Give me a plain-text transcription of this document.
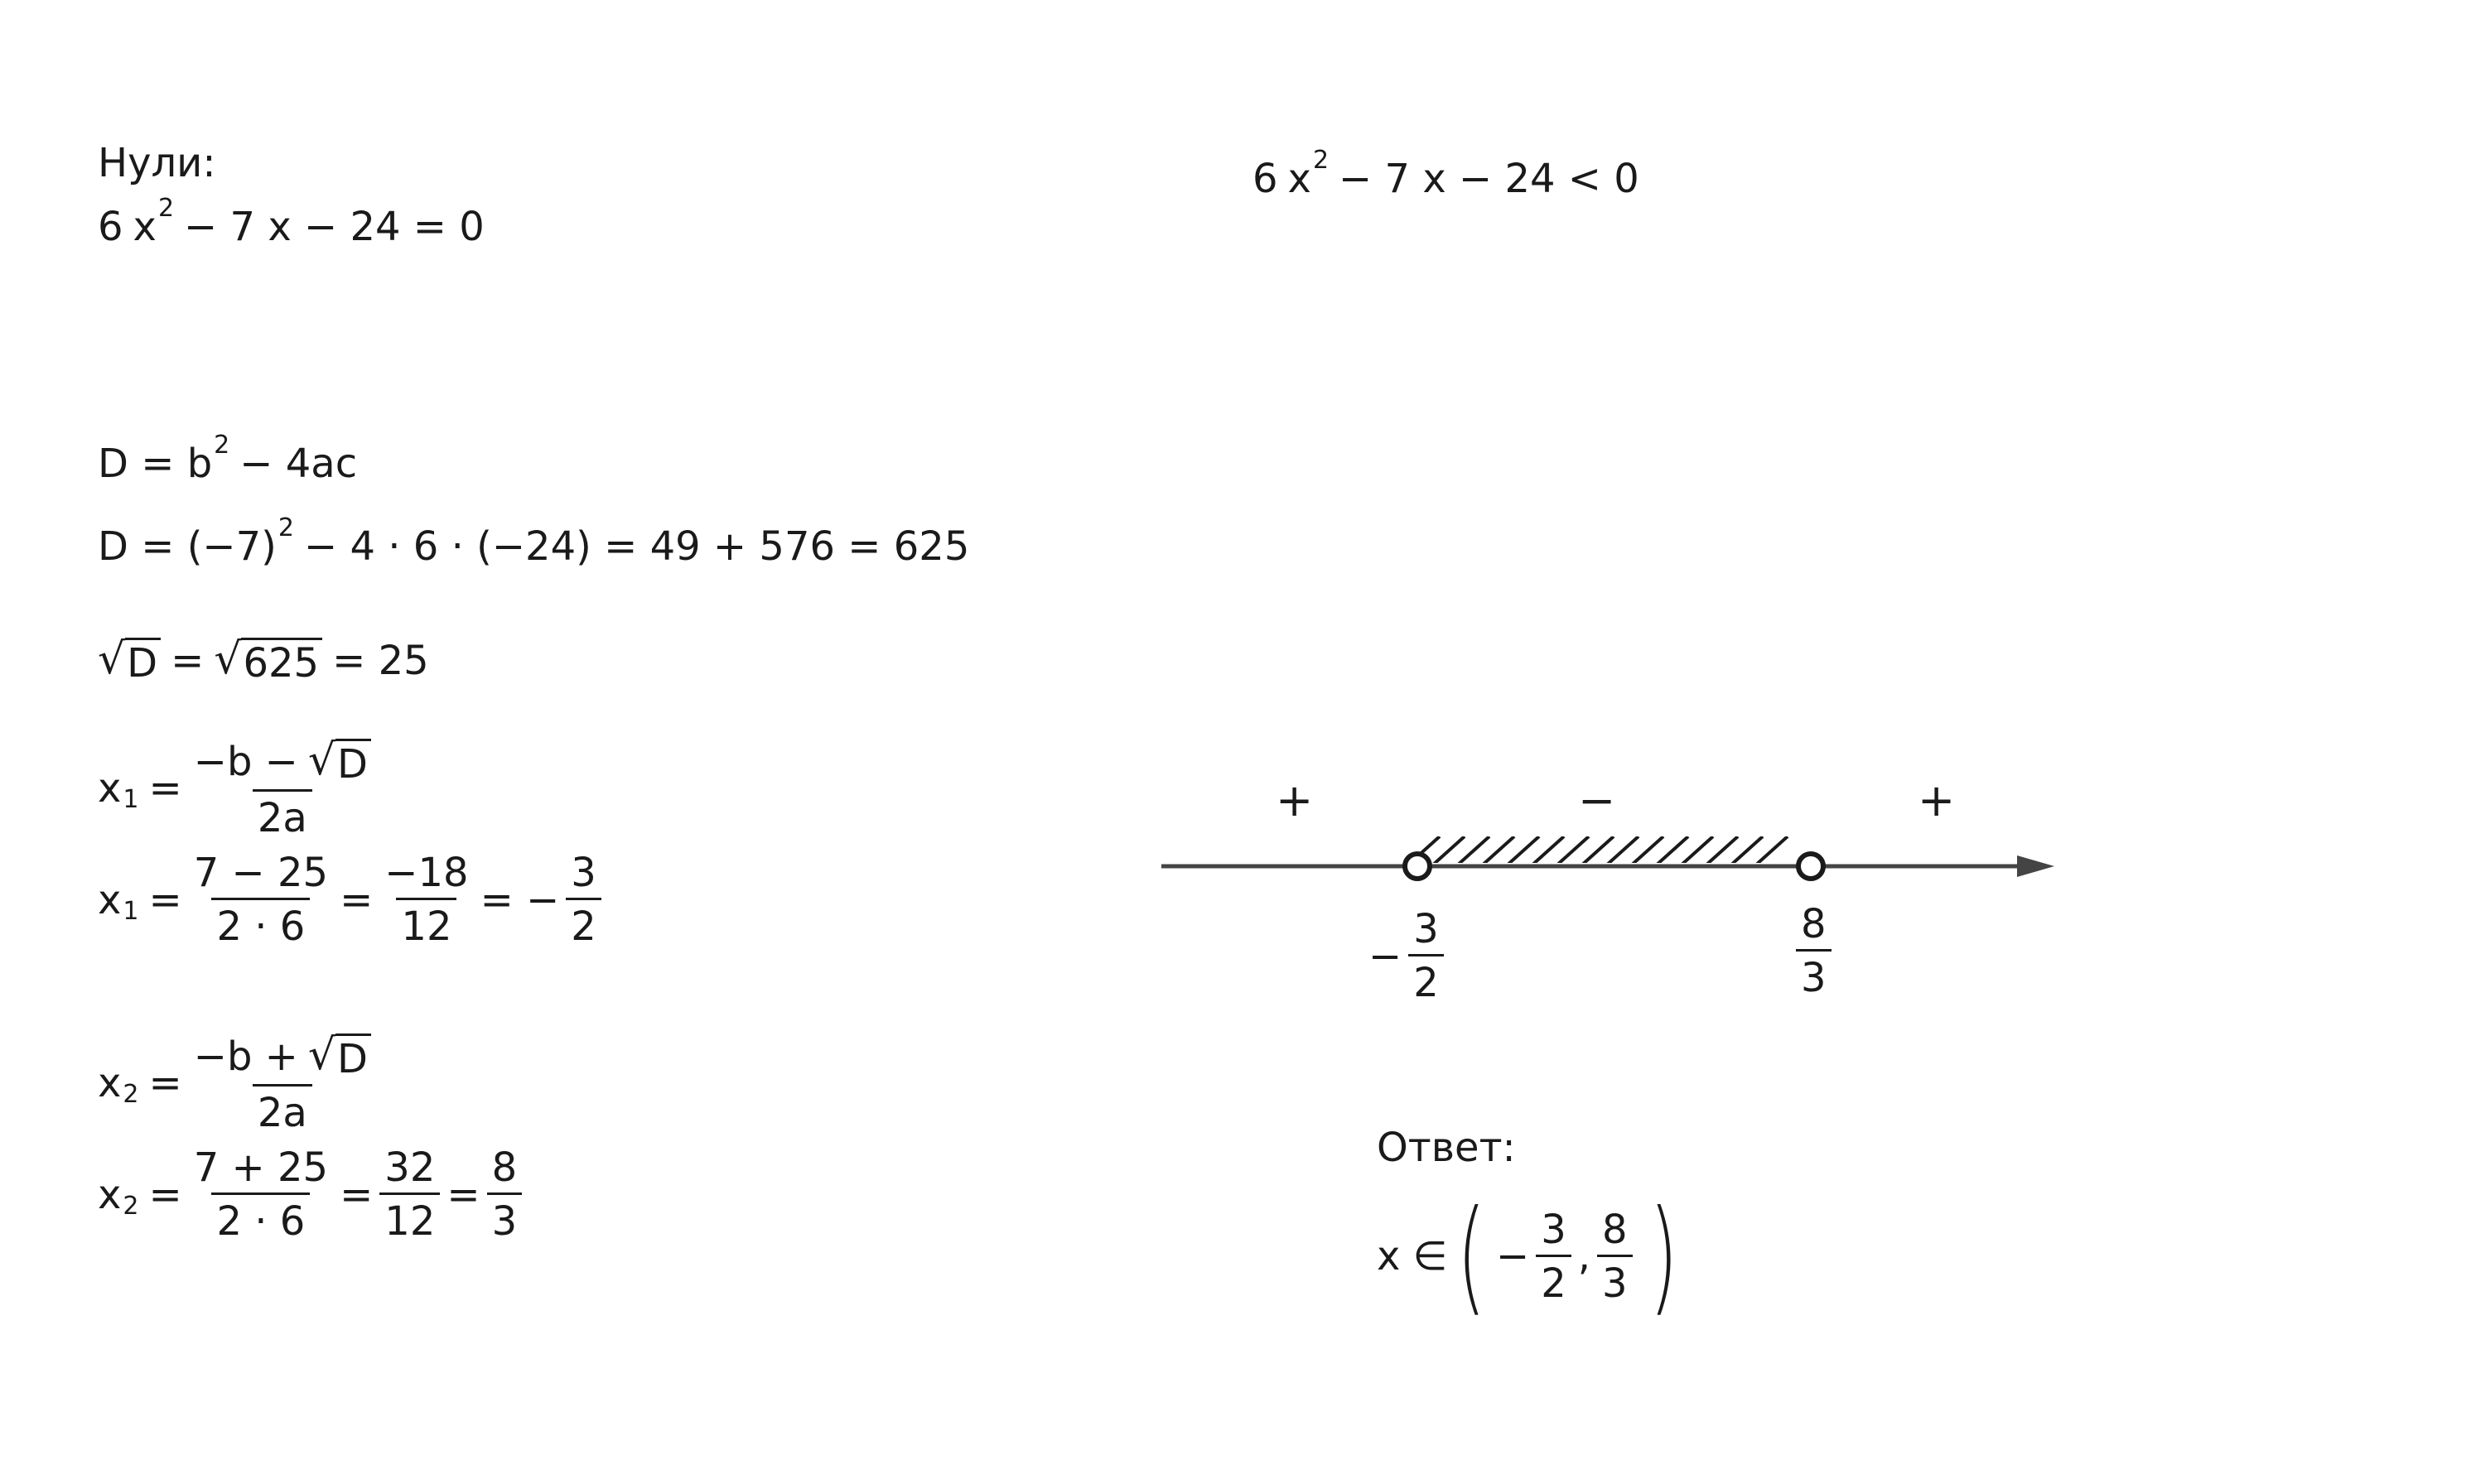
Нули:
6 x 2 − 7 x − 24 = 0
D = b 2 − 4ac
D = (−7) 2 − 4 · 6 · (−24) = 49 + 576 = 625
√ D = √ 625 = 25
x $1 = \frac{-b - √ D}{2a}$
x $1 = \frac{7 - 25}{2 \cdot 6} = \frac{-18}{12}$ = − $\frac{3}{2}$
x $2 = \frac{-b + √ D}{2a}$
x $2 = \frac{7 + 25}{2 \cdot 6} = \frac{32}{12} = \frac{8}{3}$
6 x 2 − 7 x − 24 < 0
+	−	+
− $\frac{3}{2}$	$\frac{8}{3}$
Ответ:
x ∈ ( − $\frac{3}{2}$ , $\frac{8}{3}$ )
